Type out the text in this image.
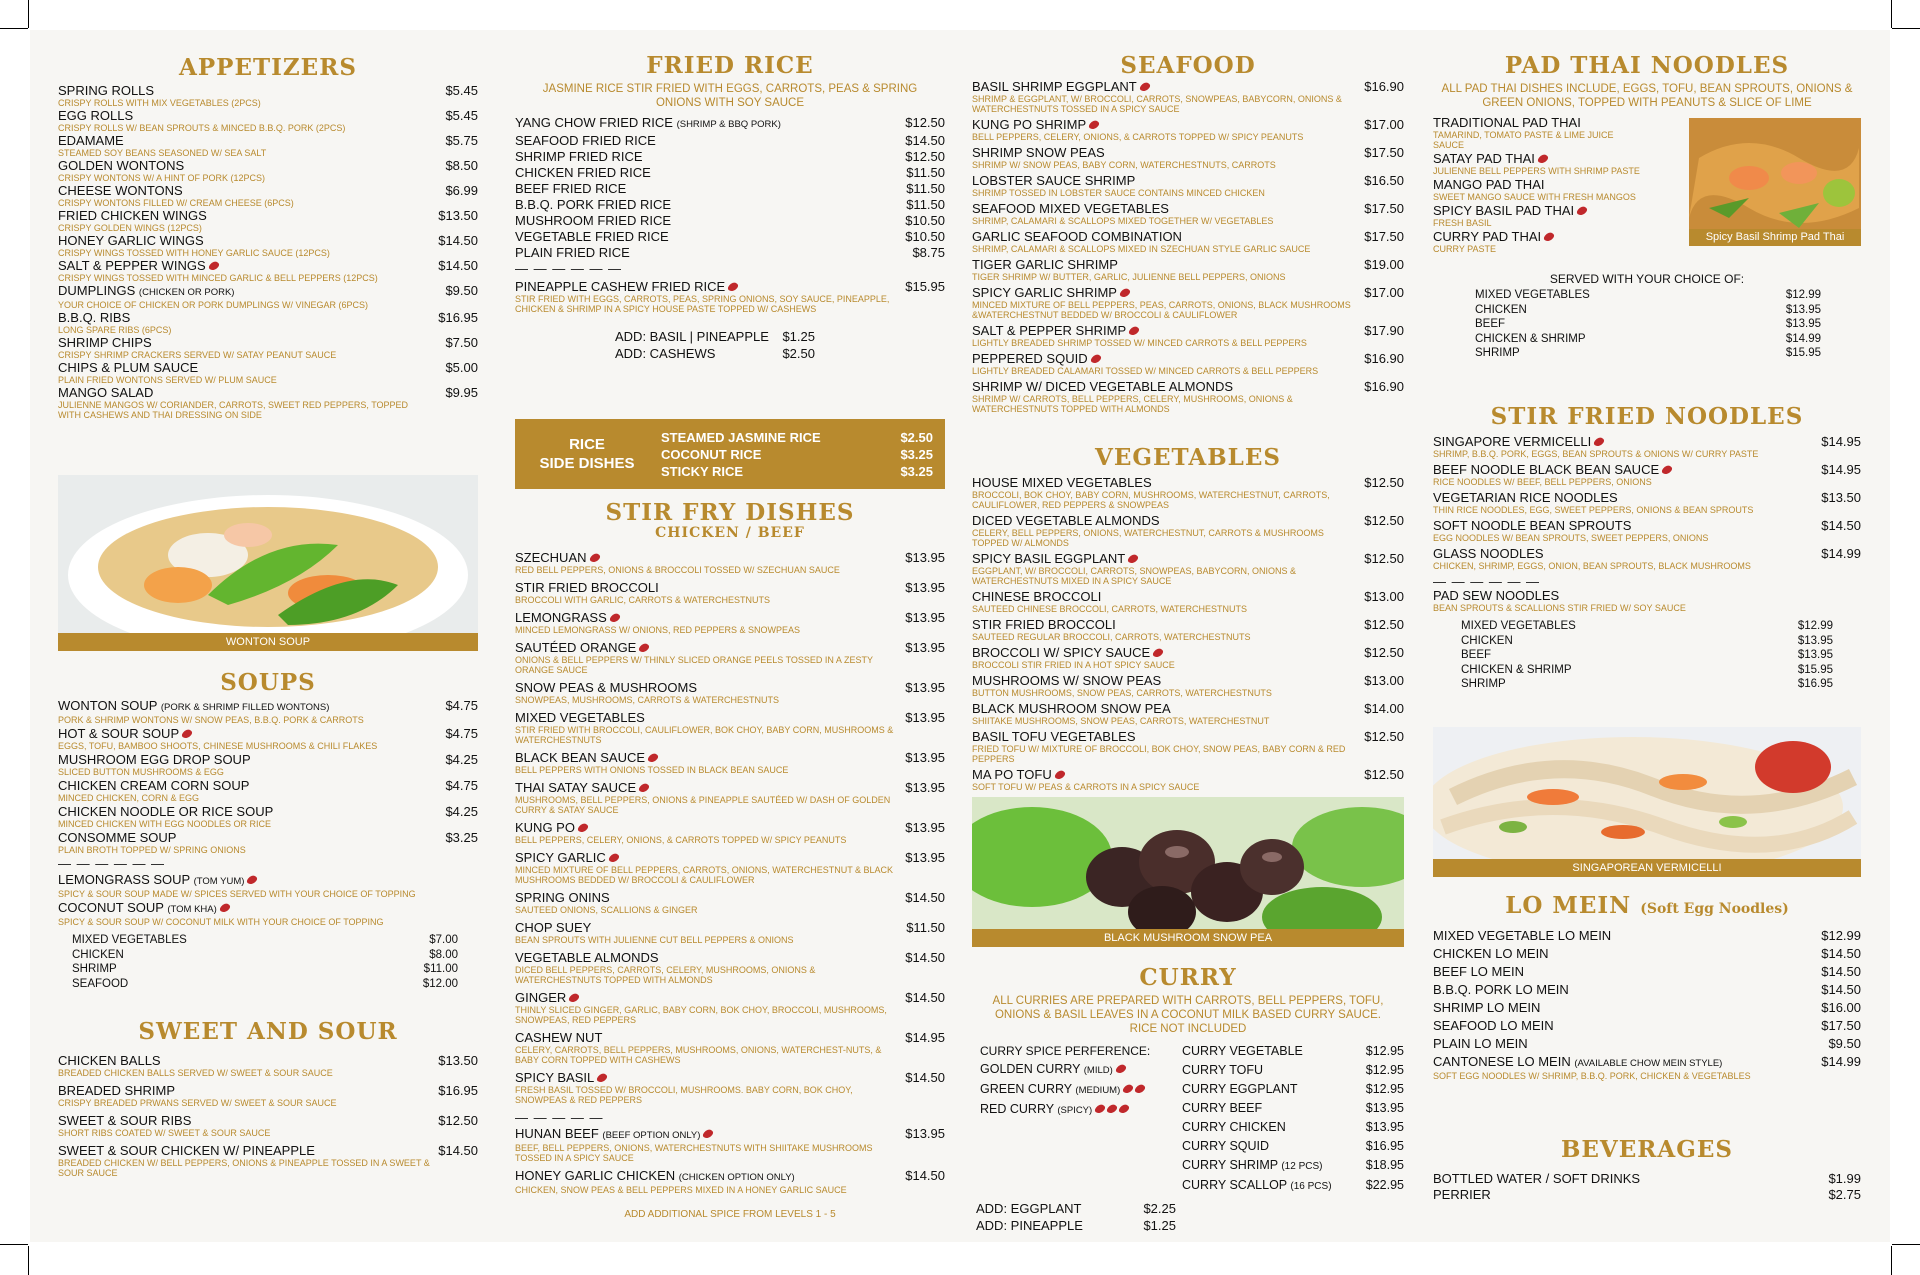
APPETIZERS
SPRING ROLLS
CRISPY ROLLS WITH MIX VEGETABLES (2PCS)
$5.45
EGG ROLLS
CRISPY ROLLS W/ BEAN SPROUTS & MINCED B.B.Q. PORK (2PCS)
$5.45
EDAMAME
STEAMED SOY BEANS SEASONED W/ SEA SALT
$5.75
GOLDEN WONTONS
CRISPY WONTONS W/ A HINT OF PORK (12PCS)
$8.50
CHEESE WONTONS
CRISPY WONTONS FILLED W/ CREAM CHEESE (6PCS)
$6.99
FRIED CHICKEN WINGS
CRISPY GOLDEN WINGS (12PCS)
$13.50
HONEY GARLIC WINGS
CRISPY WINGS TOSSED WITH HONEY GARLIC SAUCE (12PCS)
$14.50
SALT & PEPPER WINGS
CRISPY WINGS TOSSED WITH MINCED GARLIC & BELL PEPPERS (12PCS)
$14.50
DUMPLINGS (CHICKEN OR PORK)
YOUR CHOICE OF CHICKEN OR PORK DUMPLINGS W/ VINEGAR (6PCS)
$9.50
B.B.Q. RIBS
LONG SPARE RIBS (6PCS)
$16.95
SHRIMP CHIPS
CRISPY SHRIMP CRACKERS SERVED W/ SATAY PEANUT SAUCE
$7.50
CHIPS & PLUM SAUCE
PLAIN FRIED WONTONS SERVED W/ PLUM SAUCE
$5.00
MANGO SALAD
JULIENNE MANGOS W/ CORIANDER, CARROTS, SWEET RED PEPPERS, TOPPED WITH CASHEWS AND THAI DRESSING ON SIDE
$9.95
WONTON SOUP
SOUPS
WONTON SOUP (PORK & SHRIMP FILLED WONTONS)
PORK & SHRIMP WONTONS W/ SNOW PEAS, B.B.Q. PORK & CARROTS
$4.75
HOT & SOUR SOUP
EGGS, TOFU, BAMBOO SHOOTS, CHINESE MUSHROOMS & CHILI FLAKES
$4.75
MUSHROOM EGG DROP SOUP
SLICED BUTTON MUSHROOMS & EGG
$4.25
CHICKEN CREAM CORN SOUP
MINCED CHICKEN, CORN & EGG
$4.75
CHICKEN NOODLE OR RICE SOUP
MINCED CHICKEN WITH EGG NOODLES OR RICE
$4.25
CONSOMME SOUP
PLAIN BROTH TOPPED W/ SPRING ONIONS
$3.25
— — — — — —
LEMONGRASS SOUP (TOM YUM)
SPICY & SOUR SOUP MADE W/ SPICES SERVED WITH YOUR CHOICE OF TOPPING
COCONUT SOUP (TOM KHA)
SPICY & SOUR SOUP W/ COCONUT MILK WITH YOUR CHOICE OF TOPPING
MIXED VEGETABLES	$7.00
CHICKEN	$8.00
SHRIMP	$11.00
SEAFOOD	$12.00
SWEET AND SOUR
CHICKEN BALLS
BREADED CHICKEN BALLS SERVED W/ SWEET & SOUR SAUCE
$13.50
BREADED SHRIMP
CRISPY BREADED PRWANS SERVED W/ SWEET & SOUR SAUCE
$16.95
SWEET & SOUR RIBS
SHORT RIBS COATED W/ SWEET & SOUR SAUCE
$12.50
SWEET & SOUR CHICKEN W/ PINEAPPLE
BREADED CHICKEN W/ BELL PEPPERS, ONIONS & PINEAPPLE TOSSED IN A SWEET & SOUR SAUCE
$14.50
FRIED RICE
JASMINE RICE STIR FRIED WITH EGGS, CARROTS, PEAS & SPRING ONIONS WITH SOY SAUCE
YANG CHOW FRIED RICE (SHRIMP & BBQ PORK)	$12.50
SEAFOOD FRIED RICE	$14.50
SHRIMP FRIED RICE	$12.50
CHICKEN FRIED RICE	$11.50
BEEF FRIED RICE	$11.50
B.B.Q. PORK FRIED RICE	$11.50
MUSHROOM FRIED RICE	$10.50
VEGETABLE FRIED RICE	$10.50
PLAIN FRIED RICE	$8.75
— — — — — —
PINEAPPLE CASHEW FRIED RICE
STIR FRIED WITH EGGS, CARROTS, PEAS, SPRING ONIONS, SOY SAUCE, PINEAPPLE, CHICKEN & SHRIMP IN A SPICY HOUSE PASTE TOPPED W/ CASHEWS
$15.95
ADD: BASIL | PINEAPPLE $1.25
ADD: CASHEWS	$2.50
RICE
SIDE DISHES
STEAMED JASMINE RICE	$2.50
COCONUT RICE	$3.25
STICKY RICE	$3.25
STIR FRY DISHES
CHICKEN / BEEF
SZECHUAN
RED BELL PEPPERS, ONIONS & BROCCOLI TOSSED W/ SZECHUAN SAUCE
$13.95
STIR FRIED BROCCOLI
BROCCOLI WITH GARLIC, CARROTS & WATERCHESTNUTS
$13.95
LEMONGRASS
MINCED LEMONGRASS W/ ONIONS, RED PEPPERS & SNOWPEAS
$13.95
SAUTÉED ORANGE
ONIONS & BELL PEPPERS W/ THINLY SLICED ORANGE PEELS TOSSED IN A ZESTY ORANGE SAUCE
$13.95
SNOW PEAS & MUSHROOMS
SNOWPEAS, MUSHROOMS, CARROTS & WATERCHESTNUTS
$13.95
MIXED VEGETABLES
STIR FRIED WITH BROCCOLI, CAULIFLOWER, BOK CHOY, BABY CORN, MUSHROOMS & WATERCHESTNUTS
$13.95
BLACK BEAN SAUCE
BELL PEPPERS WITH ONIONS TOSSED IN BLACK BEAN SAUCE
$13.95
THAI SATAY SAUCE
MUSHROOMS, BELL PEPPERS, ONIONS & PINEAPPLE SAUTÉED W/ DASH OF GOLDEN CURRY & SATAY SAUCE
$13.95
KUNG PO
BELL PEPPERS, CELERY, ONIONS, & CARROTS TOPPED W/ SPICY PEANUTS
$13.95
SPICY GARLIC
MINCED MIXTURE OF BELL PEPPERS, CARROTS, ONIONS, WATERCHESTNUT & BLACK MUSHROOMS BEDDED W/ BROCCOLI & CAULIFLOWER
$13.95
SPRING ONINS
SAUTEED ONIONS, SCALLIONS & GINGER
$14.50
CHOP SUEY
BEAN SPROUTS WITH JULIENNE CUT BELL PEPPERS & ONIONS
$11.50
VEGETABLE ALMONDS
DICED BELL PEPPERS, CARROTS, CELERY, MUSHROOMS, ONIONS & WATERCHESTNUTS TOPPED WITH ALMONDS
$14.50
GINGER
THINLY SLICED GINGER, GARLIC, BABY CORN, BOK CHOY, BROCCOLI, MUSHROOMS, SNOWPEAS, RED PEPPERS
$14.50
CASHEW NUT
CELERY, CARROTS, BELL PEPPERS, MUSHROOMS, ONIONS, WATERCHEST-NUTS, & BABY CORN TOPPED WITH CASHEWS
$14.95
SPICY BASIL
FRESH BASIL TOSSED W/ BROCCOLI, MUSHROOMS. BABY CORN, BOK CHOY, SNOWPEAS & RED PEPPERS
$14.50
— — — — —
HUNAN BEEF (BEEF OPTION ONLY)
BEEF, BELL PEPPERS, ONIONS, WATERCHESTNUTS WITH SHIITAKE MUSHROOMS TOSSED IN A SPICY SAUCE
$13.95
HONEY GARLIC CHICKEN (CHICKEN OPTION ONLY)
CHICKEN, SNOW PEAS & BELL PEPPERS MIXED IN A HONEY GARLIC SAUCE
$14.50
ADD ADDITIONAL SPICE FROM LEVELS 1 - 5
SEAFOOD
BASIL SHRIMP EGGPLANT
SHRIMP & EGGPLANT, W/ BROCCOLI, CARROTS, SNOWPEAS, BABYCORN, ONIONS & WATERCHESTNUTS TOSSED IN A SPICY SAUCE
$16.90
KUNG PO SHRIMP
BELL PEPPERS, CELERY, ONIONS, & CARROTS TOPPED W/ SPICY PEANUTS
$17.00
SHRIMP SNOW PEAS
SHRIMP W/ SNOW PEAS, BABY CORN, WATERCHESTNUTS, CARROTS
$17.50
LOBSTER SAUCE SHRIMP
SHRIMP TOSSED IN LOBSTER SAUCE CONTAINS MINCED CHICKEN
$16.50
SEAFOOD MIXED VEGETABLES
SHRIMP, CALAMARI & SCALLOPS MIXED TOGETHER W/ VEGETABLES
$17.50
GARLIC SEAFOOD COMBINATION
SHRIMP, CALAMARI & SCALLOPS MIXED IN SZECHUAN STYLE GARLIC SAUCE
$17.50
TIGER GARLIC SHRIMP
TIGER SHRIMP W/ BUTTER, GARLIC, JULIENNE BELL PEPPERS, ONIONS
$19.00
SPICY GARLIC SHRIMP
MINCED MIXTURE OF BELL PEPPERS, PEAS, CARROTS, ONIONS, BLACK MUSHROOMS &WATERCHESTNUT BEDDED W/ BROCCOLI & CAULIFLOWER
$17.00
SALT & PEPPER SHRIMP
LIGHTLY BREADED SHRIMP TOSSED W/ MINCED CARROTS & BELL PEPPERS
$17.90
PEPPERED SQUID
LIGHTLY BREADED CALAMARI TOSSED W/ MINCED CARROTS & BELL PEPPERS
$16.90
SHRIMP W/ DICED VEGETABLE ALMONDS
SHRIMP W/ CARROTS, BELL PEPPERS, CELERY, MUSHROOMS, ONIONS & WATERCHESTNUTS TOPPED WITH ALMONDS
$16.90
VEGETABLES
HOUSE MIXED VEGETABLES
BROCCOLI, BOK CHOY, BABY CORN, MUSHROOMS, WATERCHESTNUT, CARROTS, CAULIFLOWER, RED PEPPERS & SNOWPEAS
$12.50
DICED VEGETABLE ALMONDS
CELERY, BELL PEPPERS, ONIONS, WATERCHESTNUT, CARROTS & MUSHROOMS TOPPED W/ ALMONDS
$12.50
SPICY BASIL EGGPLANT
EGGPLANT, W/ BROCCOLI, CARROTS, SNOWPEAS, BABYCORN, ONIONS & WATERCHESTNUTS MIXED IN A SPICY SAUCE
$12.50
CHINESE BROCCOLI
SAUTEED CHINESE BROCCOLI, CARROTS, WATERCHESTNUTS
$13.00
STIR FRIED BROCCOLI
SAUTEED REGULAR BROCCOLI, CARROTS, WATERCHESTNUTS
$12.50
BROCCOLI W/ SPICY SAUCE
BROCCOLI STIR FRIED IN A HOT SPICY SAUCE
$12.50
MUSHROOMS W/ SNOW PEAS
BUTTON MUSHROOMS, SNOW PEAS, CARROTS, WATERCHESTNUTS
$13.00
BLACK MUSHROOM SNOW PEA
SHIITAKE MUSHROOMS, SNOW PEAS, CARROTS, WATERCHESTNUT
$14.00
BASIL TOFU VEGETABLES
FRIED TOFU W/ MIXTURE OF BROCCOLI, BOK CHOY, SNOW PEAS, BABY CORN & RED PEPPERS
$12.50
MA PO TOFU
SOFT TOFU W/ PEAS & CARROTS IN A SPICY SAUCE
$12.50
BLACK MUSHROOM SNOW PEA
CURRY
ALL CURRIES ARE PREPARED WITH CARROTS, BELL PEPPERS, TOFU, ONIONS & BASIL LEAVES IN A COCONUT MILK BASED CURRY SAUCE.
RICE NOT INCLUDED
CURRY SPICE PERFERENCE:
GOLDEN CURRY (MILD)
GREEN CURRY (MEDIUM)
RED CURRY (SPICY)
CURRY VEGETABLE	$12.95
CURRY TOFU	$12.95
CURRY EGGPLANT	$12.95
CURRY BEEF	$13.95
CURRY CHICKEN	$13.95
CURRY SQUID	$16.95
CURRY SHRIMP (12 PCS)	$18.95
CURRY SCALLOP (16 PCS)	$22.95
ADD: EGGPLANT	$2.25
ADD: PINEAPPLE	$1.25
PAD THAI NOODLES
ALL PAD THAI DISHES INCLUDE, EGGS, TOFU, BEAN SPROUTS, ONIONS & GREEN ONIONS, TOPPED WITH PEANUTS & SLICE OF LIME
TRADITIONAL PAD THAI
TAMARIND, TOMATO PASTE & LIME JUICE SAUCE
SATAY PAD THAI
JULIENNE BELL PEPPERS WITH SHRIMP PASTE
MANGO PAD THAI
SWEET MANGO SAUCE WITH FRESH MANGOS
SPICY BASIL PAD THAI
FRESH BASIL
CURRY PAD THAI
CURRY PASTE
Spicy Basil Shrimp Pad Thai
SERVED WITH YOUR CHOICE OF:
MIXED VEGETABLES	$12.99
CHICKEN	$13.95
BEEF	$13.95
CHICKEN & SHRIMP	$14.99
SHRIMP	$15.95
STIR FRIED NOODLES
SINGAPORE VERMICELLI
SHRIMP, B.B.Q. PORK, EGGS, BEAN SPROUTS & ONIONS W/ CURRY PASTE
$14.95
BEEF NOODLE BLACK BEAN SAUCE
RICE NOODLES W/ BEEF, BELL PEPPERS, ONIONS
$14.95
VEGETARIAN RICE NOODLES
THIN RICE NOODLES, EGG, SWEET PEPPERS, ONIONS & BEAN SPROUTS
$13.50
SOFT NOODLE BEAN SPROUTS
EGG NOODLES W/ BEAN SPROUTS, SWEET PEPPERS, ONIONS
$14.50
GLASS NOODLES
CHICKEN, SHRIMP, EGGS, ONION, BEAN SPROUTS, BLACK MUSHROOMS
$14.99
— — — — — —
PAD SEW NOODLES
BEAN SPROUTS & SCALLIONS STIR FRIED W/ SOY SAUCE
MIXED VEGETABLES	$12.99
CHICKEN	$13.95
BEEF	$13.95
CHICKEN & SHRIMP	$15.95
SHRIMP	$16.95
SINGAPOREAN VERMICELLI
LO MEIN (Soft Egg Noodles)
MIXED VEGETABLE LO MEIN	$12.99
CHICKEN LO MEIN	$14.50
BEEF LO MEIN	$14.50
B.B.Q. PORK LO MEIN	$14.50
SHRIMP LO MEIN	$16.00
SEAFOOD LO MEIN	$17.50
PLAIN LO MEIN	$9.50
CANTONESE LO MEIN (AVAILABLE CHOW MEIN STYLE)
SOFT EGG NOODLES W/ SHRIMP, B.B.Q. PORK, CHICKEN & VEGETABLES
$14.99
BEVERAGES
BOTTLED WATER / SOFT DRINKS	$1.99
PERRIER	$2.75
